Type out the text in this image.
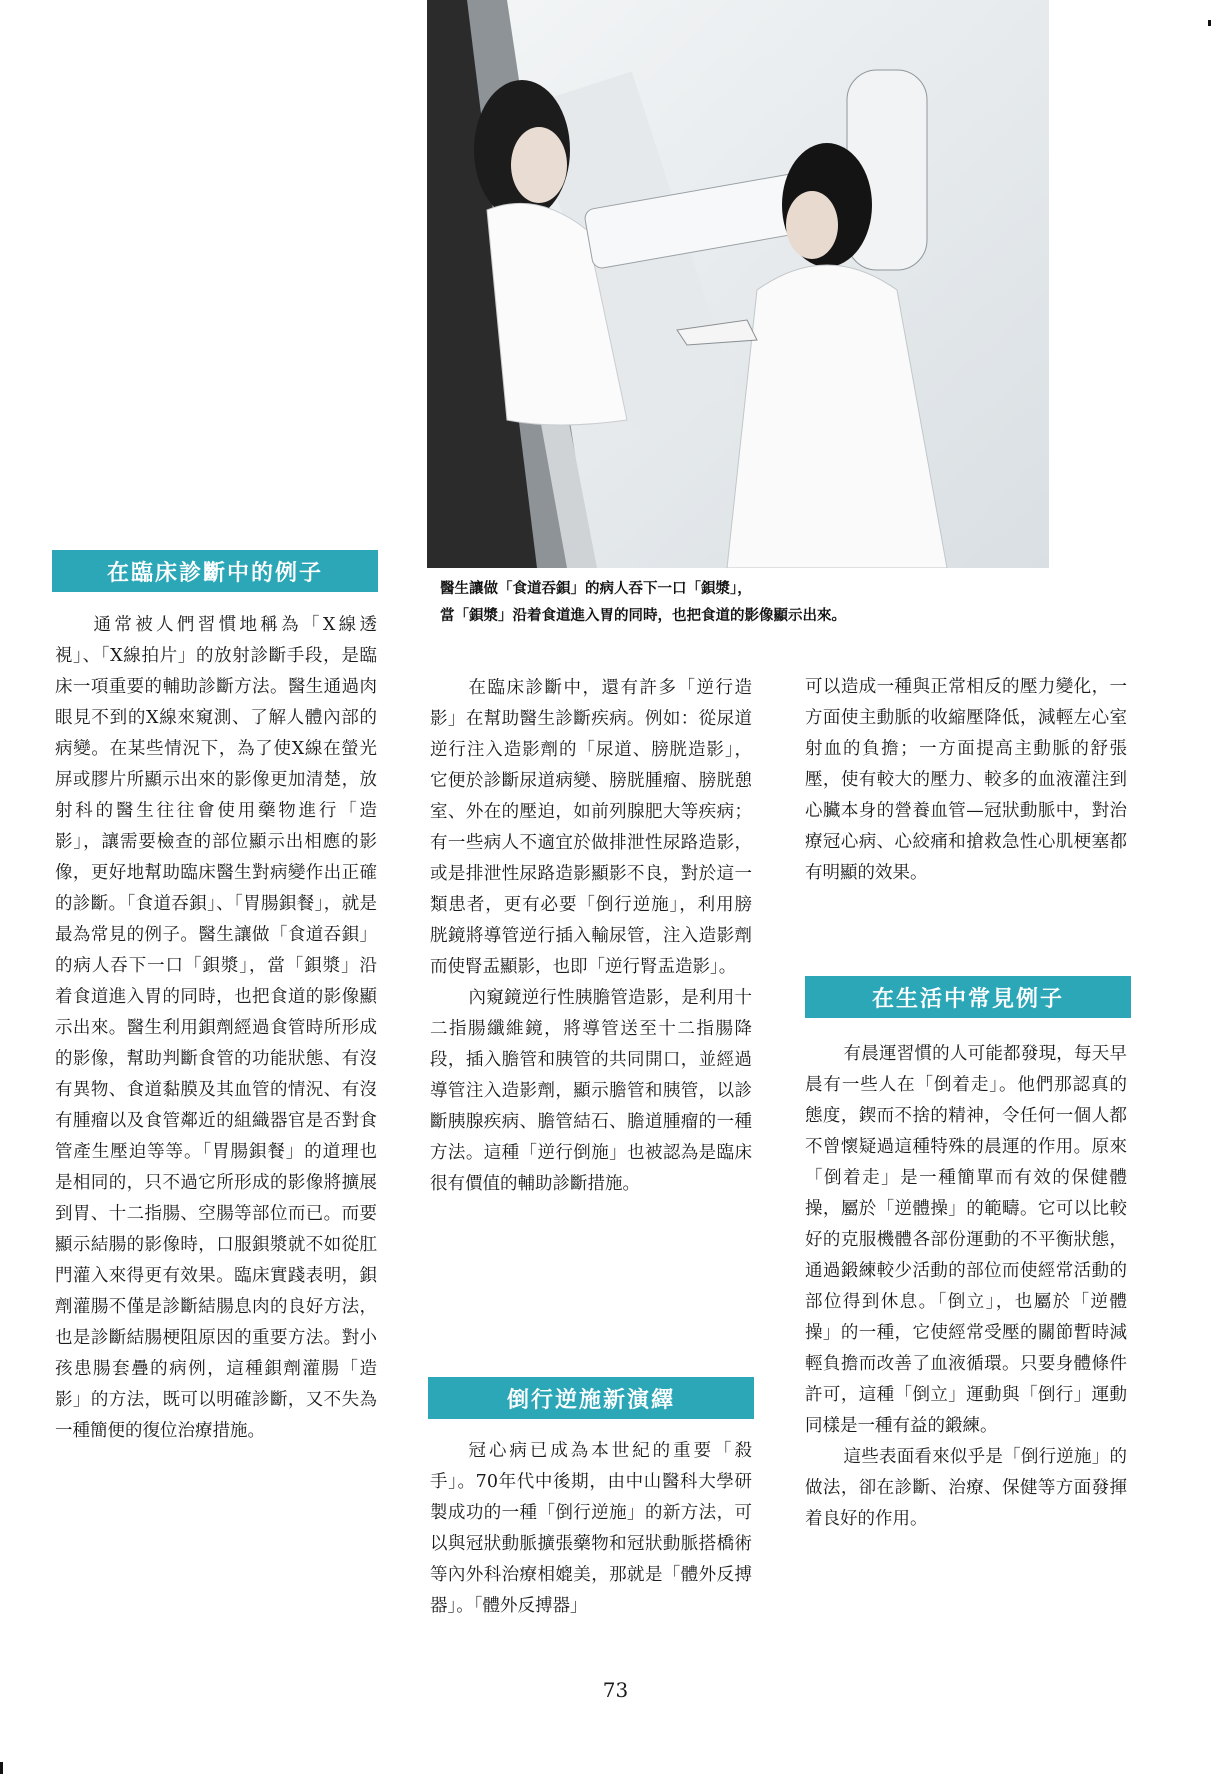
醫生讓做「食道吞鋇」的病人吞下一口「鋇漿」，
當「鋇漿」沿着食道進入胃的同時，也把食道的影像顯示出來。
在臨床診斷中的例子

通常被人們習慣地稱為「X線透視」、「X線拍片」的放射診斷手段，是臨床一項重要的輔助診斷方法。醫生通過肉眼見不到的X線來窺測、了解人體內部的病變。在某些情況下，為了使X線在螢光屏或膠片所顯示出來的影像更加清楚，放射科的醫生往往會使用藥物進行「造影」，讓需要檢查的部位顯示出相應的影像，更好地幫助臨床醫生對病變作出正確的診斷。「食道吞鋇」、「胃腸鋇餐」，就是最為常見的例子。醫生讓做「食道吞鋇」的病人吞下一口「鋇漿」，當「鋇漿」沿着食道進入胃的同時，也把食道的影像顯示出來。醫生利用鋇劑經過食管時所形成的影像，幫助判斷食管的功能狀態、有沒有異物、食道黏膜及其血管的情況、有沒有腫瘤以及食管鄰近的組織器官是否對食管產生壓迫等等。「胃腸鋇餐」的道理也是相同的，只不過它所形成的影像將擴展到胃、十二指腸、空腸等部位而已。而要顯示結腸的影像時，口服鋇漿就不如從肛門灌入來得更有效果。臨床實踐表明，鋇劑灌腸不僅是診斷結腸息肉的良好方法，也是診斷結腸梗阻原因的重要方法。對小孩患腸套疊的病例，這種鋇劑灌腸「造影」的方法，既可以明確診斷，又不失為一種簡便的復位治療措施。

在臨床診斷中，還有許多「逆行造影」在幫助醫生診斷疾病。例如：從尿道逆行注入造影劑的「尿道、膀胱造影」，它便於診斷尿道病變、膀胱腫瘤、膀胱憩室、外在的壓迫，如前列腺肥大等疾病；有一些病人不適宜於做排泄性尿路造影，或是排泄性尿路造影顯影不良，對於這一類患者，更有必要「倒行逆施」，利用膀胱鏡將導管逆行插入輸尿管，注入造影劑而使腎盂顯影，也即「逆行腎盂造影」。

內窺鏡逆行性胰膽管造影，是利用十二指腸纖維鏡，將導管送至十二指腸降段，插入膽管和胰管的共同開口，並經過導管注入造影劑，顯示膽管和胰管，以診斷胰腺疾病、膽管結石、膽道腫瘤的一種方法。這種「逆行倒施」也被認為是臨床很有價值的輔助診斷措施。

倒行逆施新演繹

冠心病已成為本世紀的重要「殺手」。70年代中後期，由中山醫科大學研製成功的一種「倒行逆施」的新方法，可以與冠狀動脈擴張藥物和冠狀動脈搭橋術等內外科治療相媲美，那就是「體外反搏器」。「體外反搏器」

可以造成一種與正常相反的壓力變化，一方面使主動脈的收縮壓降低，減輕左心室射血的負擔；一方面提高主動脈的舒張壓，使有較大的壓力、較多的血液灌注到心臟本身的營養血管—冠狀動脈中，對治療冠心病、心絞痛和搶救急性心肌梗塞都有明顯的效果。

在生活中常見例子

有晨運習慣的人可能都發現，每天早晨有一些人在「倒着走」。他們那認真的態度，鍥而不捨的精神，令任何一個人都不曾懷疑過這種特殊的晨運的作用。原來「倒着走」是一種簡單而有效的保健體操，屬於「逆體操」的範疇。它可以比較好的克服機體各部份運動的不平衡狀態，通過鍛練較少活動的部位而使經常活動的部位得到休息。「倒立」，也屬於「逆體操」的一種，它使經常受壓的關節暫時減輕負擔而改善了血液循環。只要身體條件許可，這種「倒立」運動與「倒行」運動同樣是一種有益的鍛練。

這些表面看來似乎是「倒行逆施」的做法，卻在診斷、治療、保健等方面發揮着良好的作用。

73
